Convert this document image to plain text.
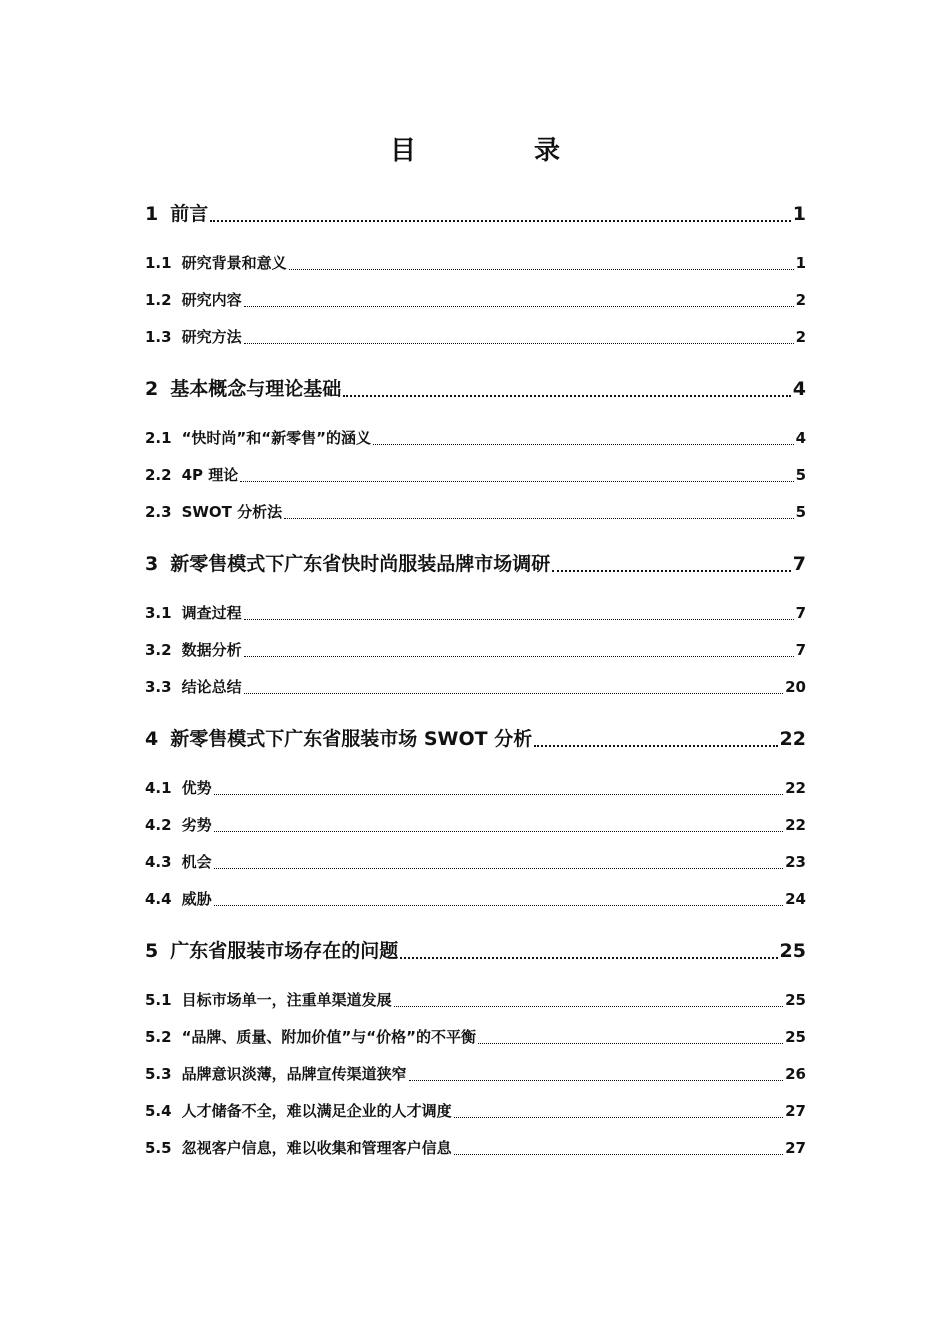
目　录
1 前言	1
1.1 研究背景和意义	1
1.2 研究内容	2
1.3 研究方法	2
2 基本概念与理论基础	4
2.1 “快时尚”和“新零售”的涵义	4
2.2 4P 理论	5
2.3 SWOT 分析法	5
3 新零售模式下广东省快时尚服装品牌市场调研	7
3.1 调查过程	7
3.2 数据分析	7
3.3 结论总结	20
4 新零售模式下广东省服装市场 SWOT 分析	22
4.1 优势	22
4.2 劣势	22
4.3 机会	23
4.4 威胁	24
5 广东省服装市场存在的问题	25
5.1 目标市场单一，注重单渠道发展	25
5.2 “品牌、质量、附加价值”与“价格”的不平衡	25
5.3 品牌意识淡薄，品牌宣传渠道狭窄	26
5.4 人才储备不全，难以满足企业的人才调度	27
5.5 忽视客户信息，难以收集和管理客户信息	27
